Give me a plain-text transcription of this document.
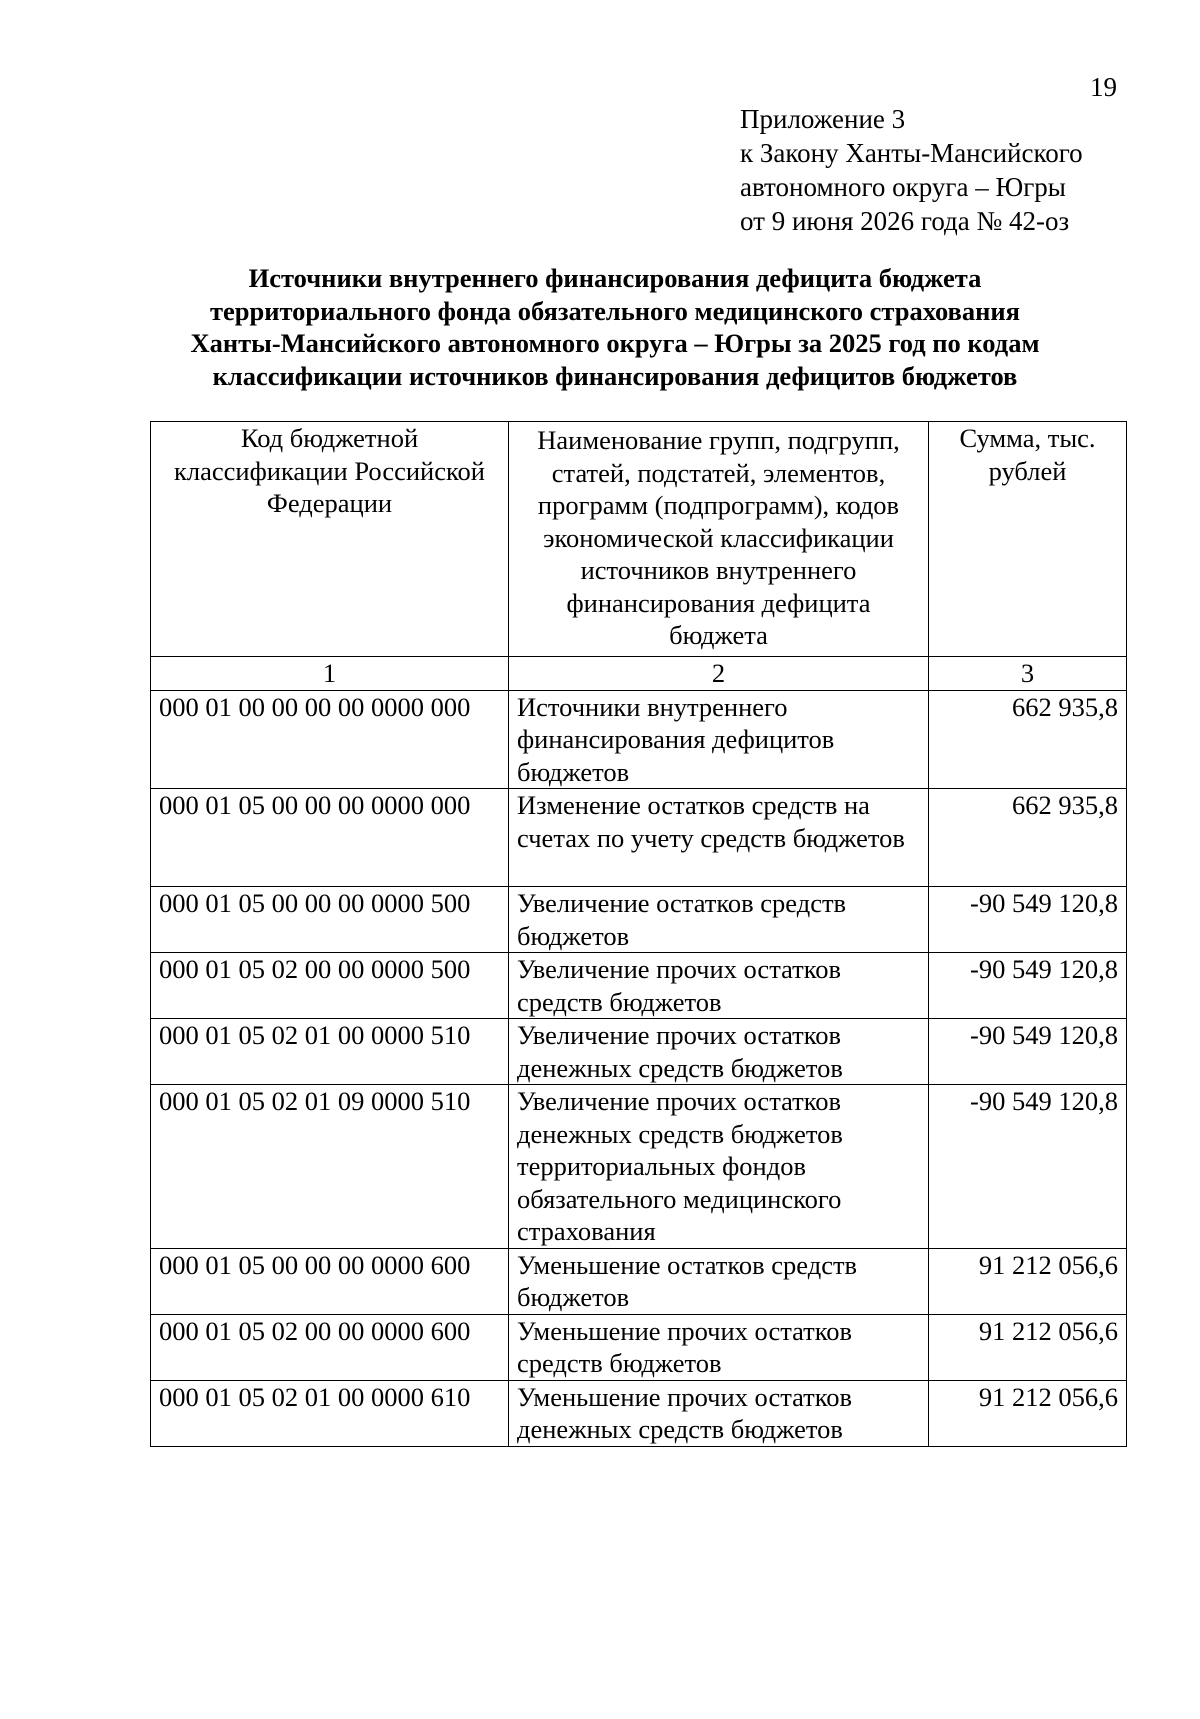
19
Приложение 3
к Закону Ханты-Мансийского
автономного округа – Югры
от 9 июня 2026 года № 42-оз
Источники внутреннего финансирования дефицита бюджета
территориального фонда обязательного медицинского страхования
Ханты-Мансийского автономного округа – Югры за 2025 год по кодам
классификации источников финансирования дефицитов бюджетов
Код бюджетной классификации Российской Федерации	Наименование групп, подгрупп, статей, подстатей, элементов, программ (подпрограмм), кодов экономической классификации источников внутреннего финансирования дефицита бюджета	Сумма, тыс. рублей
1	2	3
000 01 00 00 00 00 0000 000	Источники внутреннего финансирования дефицитов бюджетов	662 935,8
000 01 05 00 00 00 0000 000	Изменение остатков средств на счетах по учету средств бюджетов	662 935,8
000 01 05 00 00 00 0000 500	Увеличение остатков средств бюджетов	-90 549 120,8
000 01 05 02 00 00 0000 500	Увеличение прочих остатков средств бюджетов	-90 549 120,8
000 01 05 02 01 00 0000 510	Увеличение прочих остатков денежных средств бюджетов	-90 549 120,8
000 01 05 02 01 09 0000 510	Увеличение прочих остатков денежных средств бюджетов территориальных фондов обязательного медицинского страхования	-90 549 120,8
000 01 05 00 00 00 0000 600	Уменьшение остатков средств бюджетов	91 212 056,6
000 01 05 02 00 00 0000 600	Уменьшение прочих остатков средств бюджетов	91 212 056,6
000 01 05 02 01 00 0000 610	Уменьшение прочих остатков денежных средств бюджетов	91 212 056,6
